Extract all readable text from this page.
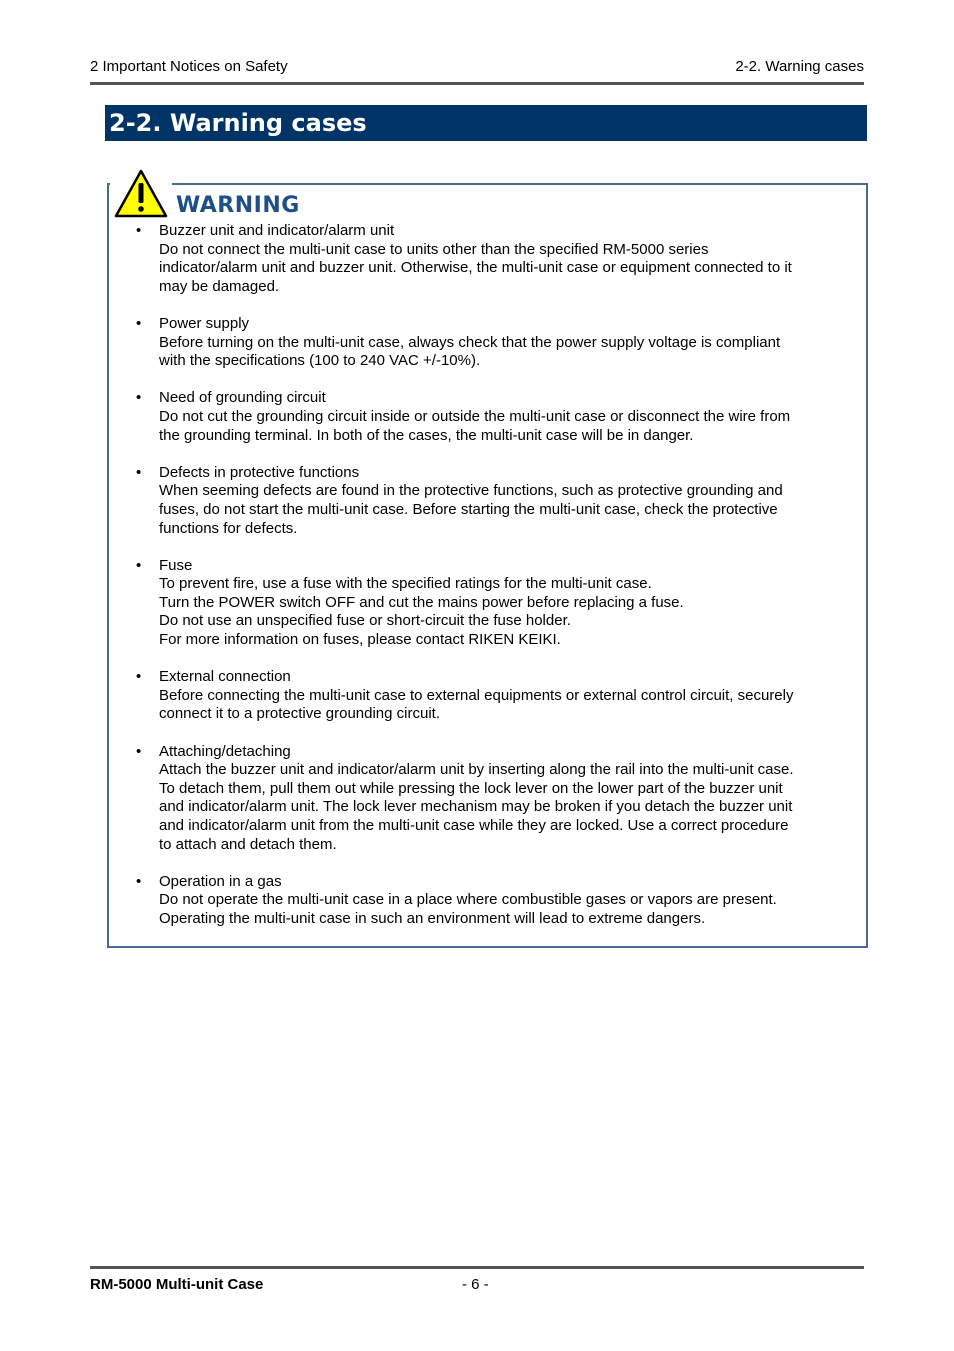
2 Important Notices on Safety	2-2. Warning cases
2-2. Warning cases
WARNING
• Buzzer unit and indicator/alarm unit
Do not connect the multi-unit case to units other than the specified RM-5000 series
indicator/alarm unit and buzzer unit. Otherwise, the multi-unit case or equipment connected to it
may be damaged.
• Power supply
Before turning on the multi-unit case, always check that the power supply voltage is compliant
with the specifications (100 to 240 VAC +/-10%).
• Need of grounding circuit
Do not cut the grounding circuit inside or outside the multi-unit case or disconnect the wire from
the grounding terminal. In both of the cases, the multi-unit case will be in danger.
• Defects in protective functions
When seeming defects are found in the protective functions, such as protective grounding and
fuses, do not start the multi-unit case. Before starting the multi-unit case, check the protective
functions for defects.
• Fuse
To prevent fire, use a fuse with the specified ratings for the multi-unit case.
Turn the POWER switch OFF and cut the mains power before replacing a fuse.
Do not use an unspecified fuse or short-circuit the fuse holder.
For more information on fuses, please contact RIKEN KEIKI.
• External connection
Before connecting the multi-unit case to external equipments or external control circuit, securely
connect it to a protective grounding circuit.
• Attaching/detaching
Attach the buzzer unit and indicator/alarm unit by inserting along the rail into the multi-unit case.
To detach them, pull them out while pressing the lock lever on the lower part of the buzzer unit
and indicator/alarm unit. The lock lever mechanism may be broken if you detach the buzzer unit
and indicator/alarm unit from the multi-unit case while they are locked. Use a correct procedure
to attach and detach them.
• Operation in a gas
Do not operate the multi-unit case in a place where combustible gases or vapors are present.
Operating the multi-unit case in such an environment will lead to extreme dangers.
RM-5000 Multi-unit Case	- 6 -
